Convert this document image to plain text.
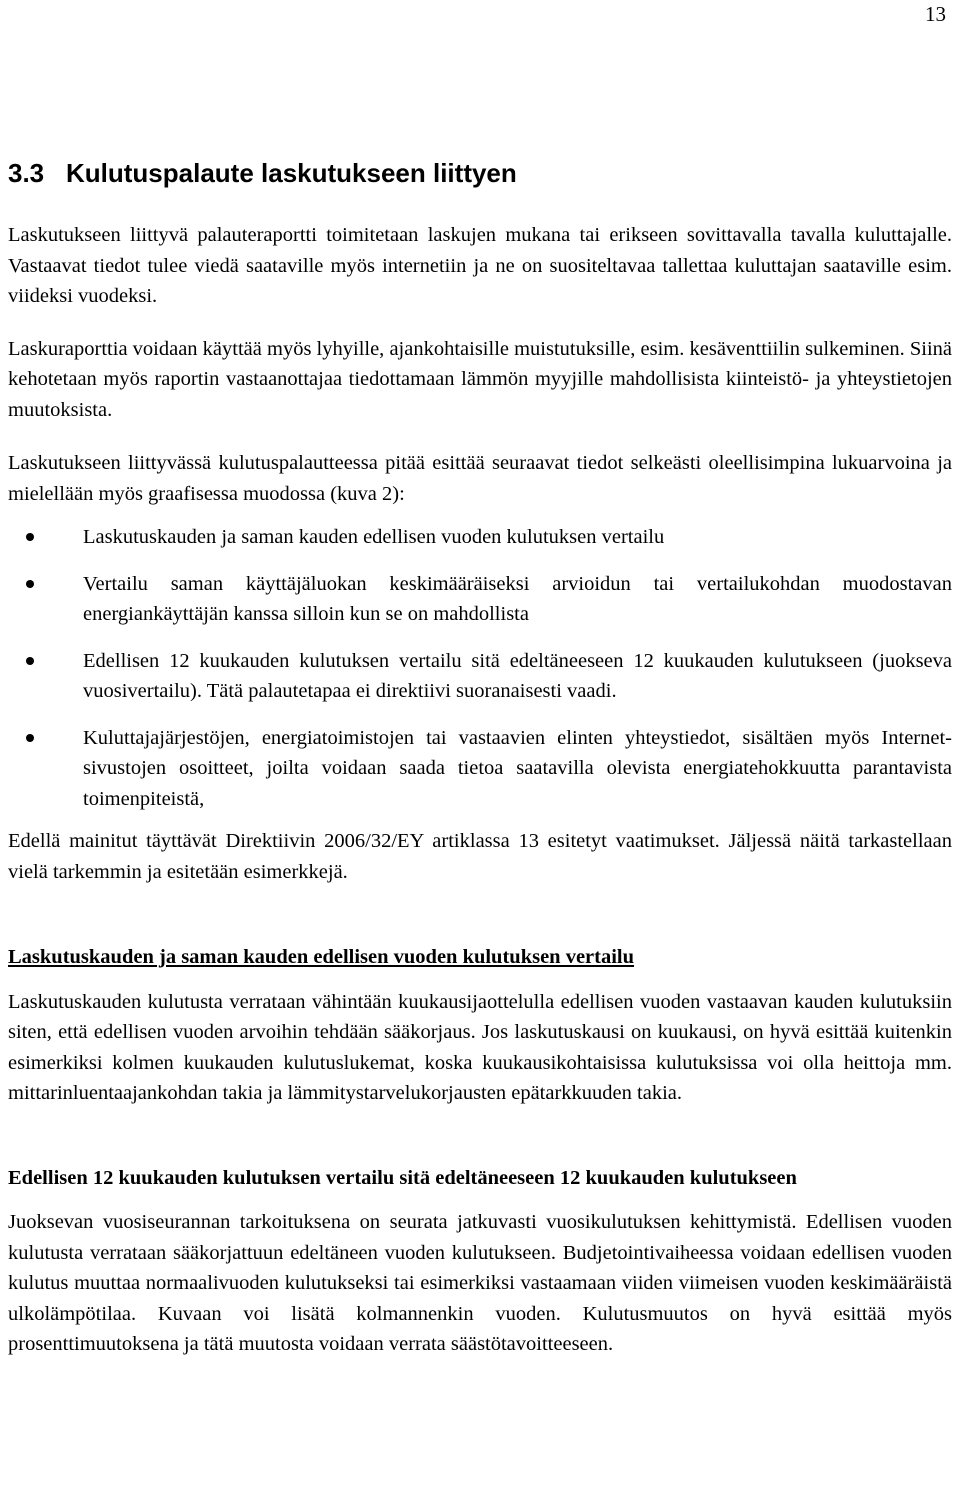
13
3.3 Kulutuspalaute laskutukseen liittyen

Laskutukseen liittyvä palauteraportti toimitetaan laskujen mukana tai erikseen sovittavalla tavalla kuluttajalle. Vastaavat tiedot tulee viedä saataville myös internetiin ja ne on suositeltavaa tallettaa kuluttajan saataville esim. viideksi vuodeksi.

Laskuraporttia voidaan käyttää myös lyhyille, ajankohtaisille muistutuksille, esim. kesäventtiilin sulkeminen. Siinä kehotetaan myös raportin vastaanottajaa tiedottamaan lämmön myyjille mahdollisista kiinteistö- ja yhteystietojen muutoksista.

Laskutukseen liittyvässä kulutuspalautteessa pitää esittää seuraavat tiedot selkeästi oleellisimpina lukuarvoina ja mielellään myös graafisessa muodossa (kuva 2):

Laskutuskauden ja saman kauden edellisen vuoden kulutuksen vertailu
Vertailu saman käyttäjäluokan keskimääräiseksi arvioidun tai vertailukohdan muodostavan energiankäyttäjän kanssa silloin kun se on mahdollista
Edellisen 12 kuukauden kulutuksen vertailu sitä edeltäneeseen 12 kuukauden kulutukseen (juokseva vuosivertailu). Tätä palautetapaa ei direktiivi suoranaisesti vaadi.
Kuluttajajärjestöjen, energiatoimistojen tai vastaavien elinten yhteystiedot, sisältäen myös Internet-sivustojen osoitteet, joilta voidaan saada tietoa saatavilla olevista energiatehokkuutta parantavista toimenpiteistä,

Edellä mainitut täyttävät Direktiivin 2006/32/EY artiklassa 13 esitetyt vaatimukset. Jäljessä näitä tarkastellaan vielä tarkemmin ja esitetään esimerkkejä.

Laskutuskauden ja saman kauden edellisen vuoden kulutuksen vertailu

Laskutuskauden kulutusta verrataan vähintään kuukausijaottelulla edellisen vuoden vastaavan kauden kulutuksiin siten, että edellisen vuoden arvoihin tehdään sääkorjaus. Jos laskutuskausi on kuukausi, on hyvä esittää kuitenkin esimerkiksi kolmen kuukauden kulutuslukemat, koska kuukausikohtaisissa kulutuksissa voi olla heittoja mm. mittarinluentaajankohdan takia ja lämmitystarvelukorjausten epätarkkuuden takia.

Edellisen 12 kuukauden kulutuksen vertailu sitä edeltäneeseen 12 kuukauden kulutukseen

Juoksevan vuosiseurannan tarkoituksena on seurata jatkuvasti vuosikulutuksen kehittymistä. Edellisen vuoden kulutusta verrataan sääkorjattuun edeltäneen vuoden kulutukseen. Budjetointivaiheessa voidaan edellisen vuoden kulutus muuttaa normaalivuoden kulutukseksi tai esimerkiksi vastaamaan viiden viimeisen vuoden keskimääräistä ulkolämpötilaa. Kuvaan voi lisätä kolmannenkin vuoden. Kulutusmuutos on hyvä esittää myös prosenttimuutoksena ja tätä muutosta voidaan verrata säästötavoitteeseen.
